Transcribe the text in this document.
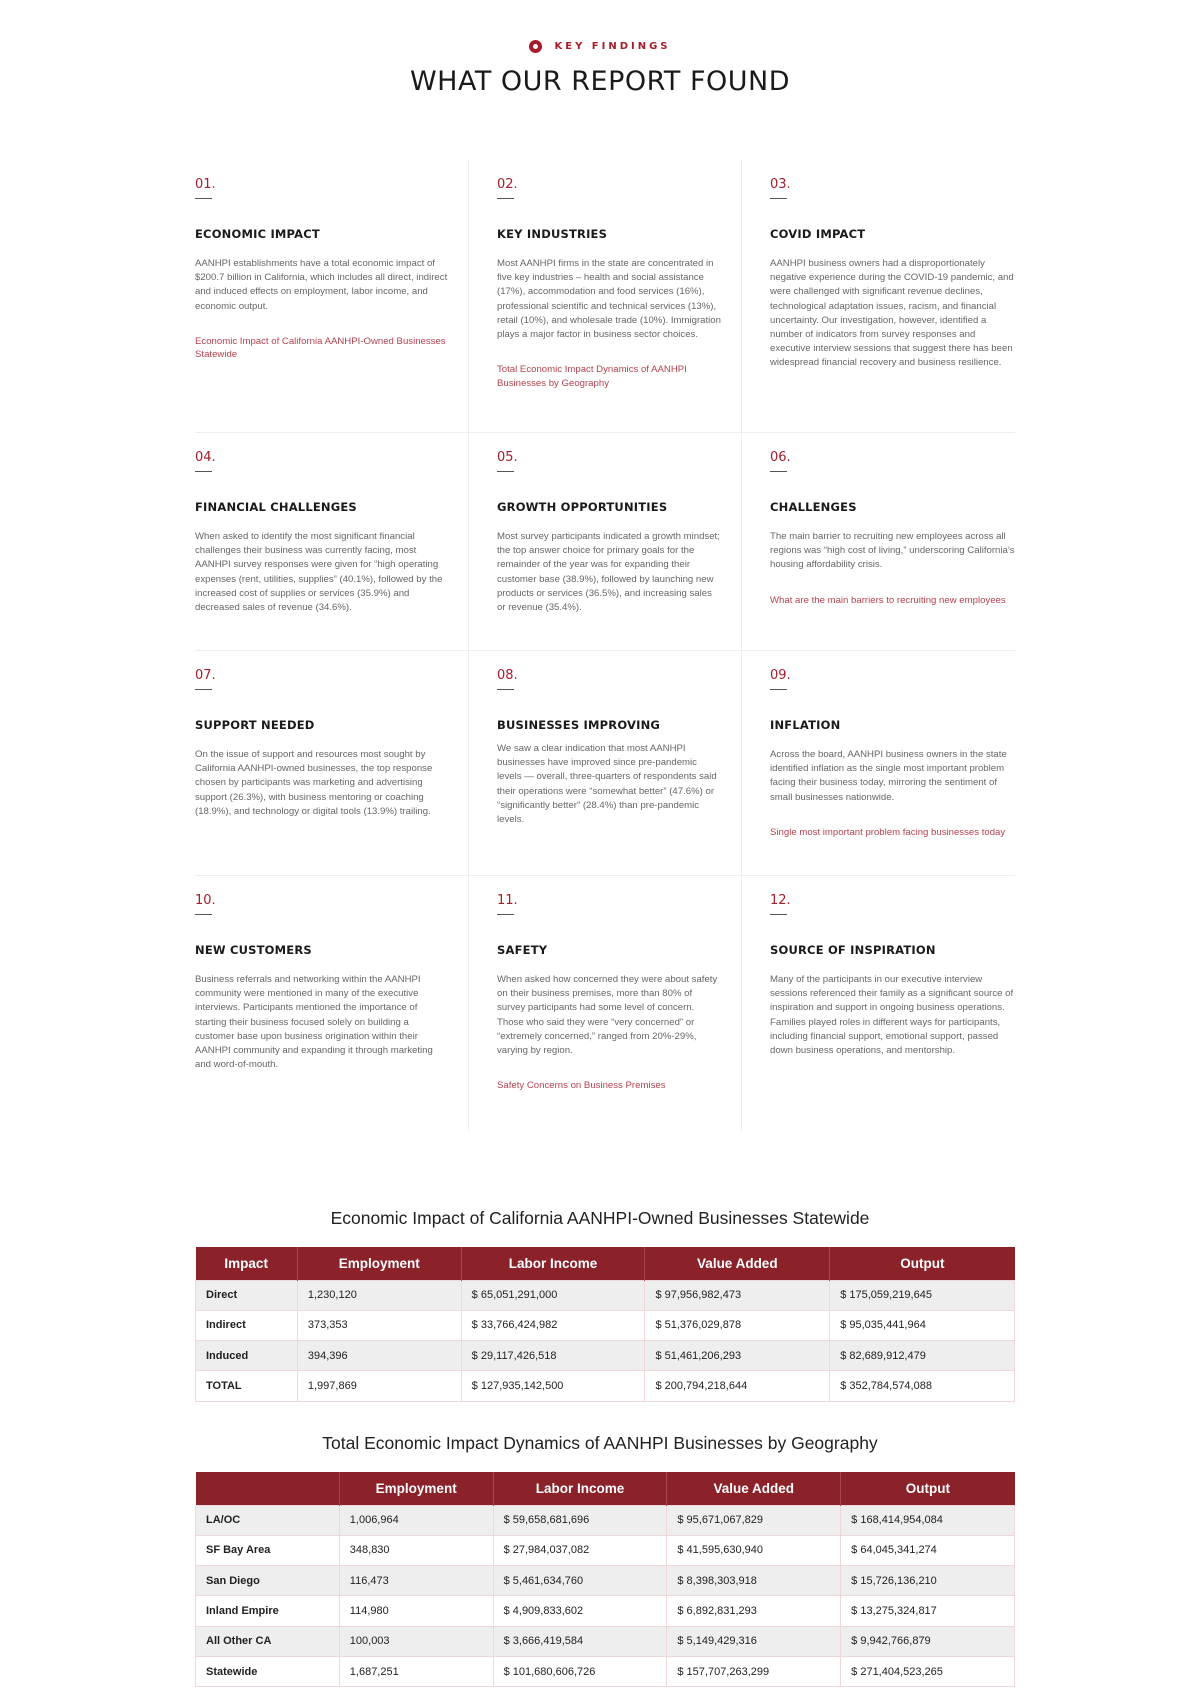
KEY FINDINGS
WHAT OUR REPORT FOUND
01.
ECONOMIC IMPACT

AANHPI establishments have a total economic impact of $200.7 billion in California, which includes all direct, indirect and induced effects on employment, labor income, and economic output.

Economic Impact of California AANHPI-Owned Businesses Statewide
02.
KEY INDUSTRIES

Most AANHPI firms in the state are concentrated in five key industries – health and social assistance (17%), accommodation and food services (16%), professional scientific and technical services (13%), retail (10%), and wholesale trade (10%). Immigration plays a major factor in business sector choices.

Total Economic Impact Dynamics of AANHPI Businesses by Geography
03.
COVID IMPACT

AANHPI business owners had a disproportionately negative experience during the COVID-19 pandemic, and were challenged with significant revenue declines, technological adaptation issues, racism, and financial uncertainty. Our investigation, however, identified a number of indicators from survey responses and executive interview sessions that suggest there has been widespread financial recovery and business resilience.

04.
FINANCIAL CHALLENGES

When asked to identify the most significant financial challenges their business was currently facing, most AANHPI survey responses were given for “high operating expenses (rent, utilities, supplies” (40.1%), followed by the increased cost of supplies or services (35.9%) and decreased sales of revenue (34.6%).

05.
GROWTH OPPORTUNITIES

Most survey participants indicated a growth mindset; the top answer choice for primary goals for the remainder of the year was for expanding their customer base (38.9%), followed by launching new products or services (36.5%), and increasing sales or revenue (35.4%).

06.
CHALLENGES

The main barrier to recruiting new employees across all regions was “high cost of living,” underscoring California’s housing affordability crisis.

What are the main barriers to recruiting new employees
07.
SUPPORT NEEDED

On the issue of support and resources most sought by California AANHPI-owned businesses, the top response chosen by participants was marketing and advertising support (26.3%), with business mentoring or coaching (18.9%), and technology or digital tools (13.9%) trailing.

08.
BUSINESSES IMPROVING

We saw a clear indication that most AANHPI businesses have improved since pre-pandemic levels — overall, three-quarters of respondents said their operations were “somewhat better” (47.6%) or “significantly better” (28.4%) than pre-pandemic levels.

09.
INFLATION

Across the board, AANHPI business owners in the state identified inflation as the single most important problem facing their business today, mirroring the sentiment of small businesses nationwide.

Single most important problem facing businesses today
10.
NEW CUSTOMERS

Business referrals and networking within the AANHPI community were mentioned in many of the executive interviews. Participants mentioned the importance of starting their business focused solely on building a customer base upon business origination within their AANHPI community and expanding it through marketing and word-of-mouth.

11.
SAFETY

When asked how concerned they were about safety on their business premises, more than 80% of survey participants had some level of concern. Those who said they were “very concerned” or “extremely concerned,” ranged from 20%-29%, varying by region.

Safety Concerns on Business Premises
12.
SOURCE OF INSPIRATION

Many of the participants in our executive interview sessions referenced their family as a significant source of inspiration and support in ongoing business operations. Families played roles in different ways for participants, including financial support, emotional support, passed down business operations, and mentorship.

Economic Impact of California AANHPI-Owned Businesses Statewide
Impact	Employment	Labor Income	Value Added	Output
Direct	1,230,120	$ 65,051,291,000	$ 97,956,982,473	$ 175,059,219,645
Indirect	373,353	$ 33,766,424,982	$ 51,376,029,878	$ 95,035,441,964
Induced	394,396	$ 29,117,426,518	$ 51,461,206,293	$ 82,689,912,479
TOTAL	1,997,869	$ 127,935,142,500	$ 200,794,218,644	$ 352,784,574,088
Total Economic Impact Dynamics of AANHPI Businesses by Geography
	Employment	Labor Income	Value Added	Output
LA/OC	1,006,964	$ 59,658,681,696	$ 95,671,067,829	$ 168,414,954,084
SF Bay Area	348,830	$ 27,984,037,082	$ 41,595,630,940	$ 64,045,341,274
San Diego	116,473	$ 5,461,634,760	$ 8,398,303,918	$ 15,726,136,210
Inland Empire	114,980	$ 4,909,833,602	$ 6,892,831,293	$ 13,275,324,817
All Other CA	100,003	$ 3,666,419,584	$ 5,149,429,316	$ 9,942,766,879
Statewide	1,687,251	$ 101,680,606,726	$ 157,707,263,299	$ 271,404,523,265
